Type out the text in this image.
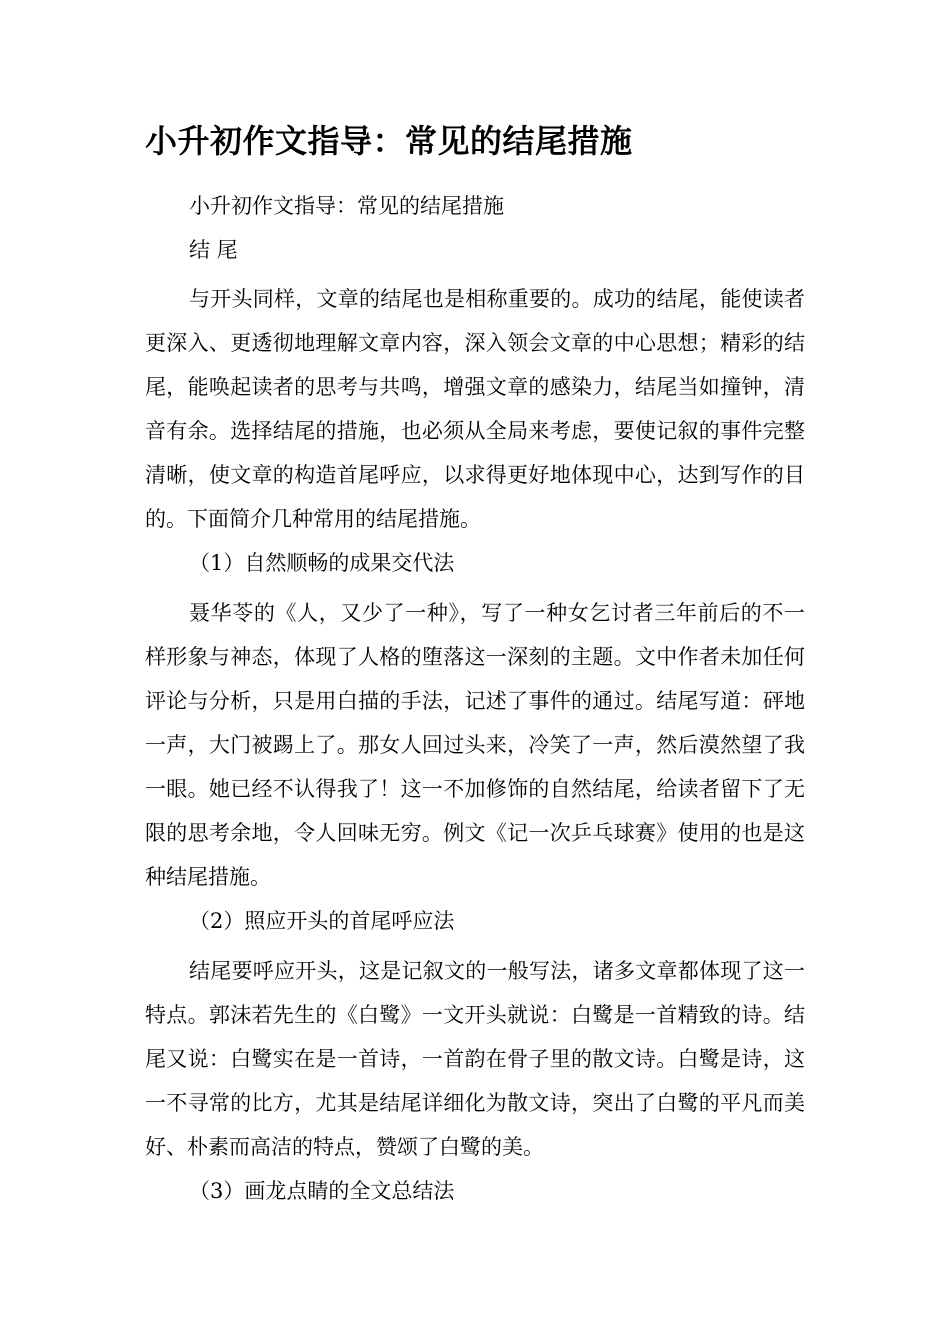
小升初作文指导：常见的结尾措施

小升初作文指导：常见的结尾措施

结 尾

与开头同样，文章的结尾也是相称重要的。成功的结尾，能使读者更深入、更透彻地理解文章内容，深入领会文章的中心思想；精彩的结尾，能唤起读者的思考与共鸣，增强文章的感染力，结尾当如撞钟，清音有余。选择结尾的措施，也必须从全局来考虑，要使记叙的事件完整清晰，使文章的构造首尾呼应，以求得更好地体现中心，达到写作的目的。下面简介几种常用的结尾措施。

（1）自然顺畅的成果交代法

聂华苓的《人，又少了一种》，写了一种女乞讨者三年前后的不一样形象与神态，体现了人格的堕落这一深刻的主题。文中作者未加任何评论与分析，只是用白描的手法，记述了事件的通过。结尾写道：砰地一声，大门被踢上了。那女人回过头来，冷笑了一声，然后漠然望了我一眼。她已经不认得我了！这一不加修饰的自然结尾，给读者留下了无限的思考余地，令人回味无穷。例文《记一次乒乓球赛》使用的也是这种结尾措施。

（2）照应开头的首尾呼应法

结尾要呼应开头，这是记叙文的一般写法，诸多文章都体现了这一特点。郭沫若先生的《白鹭》一文开头就说：白鹭是一首精致的诗。结尾又说：白鹭实在是一首诗，一首韵在骨子里的散文诗。白鹭是诗，这一不寻常的比方，尤其是结尾详细化为散文诗，突出了白鹭的平凡而美好、朴素而高洁的特点，赞颂了白鹭的美。

（3）画龙点睛的全文总结法
